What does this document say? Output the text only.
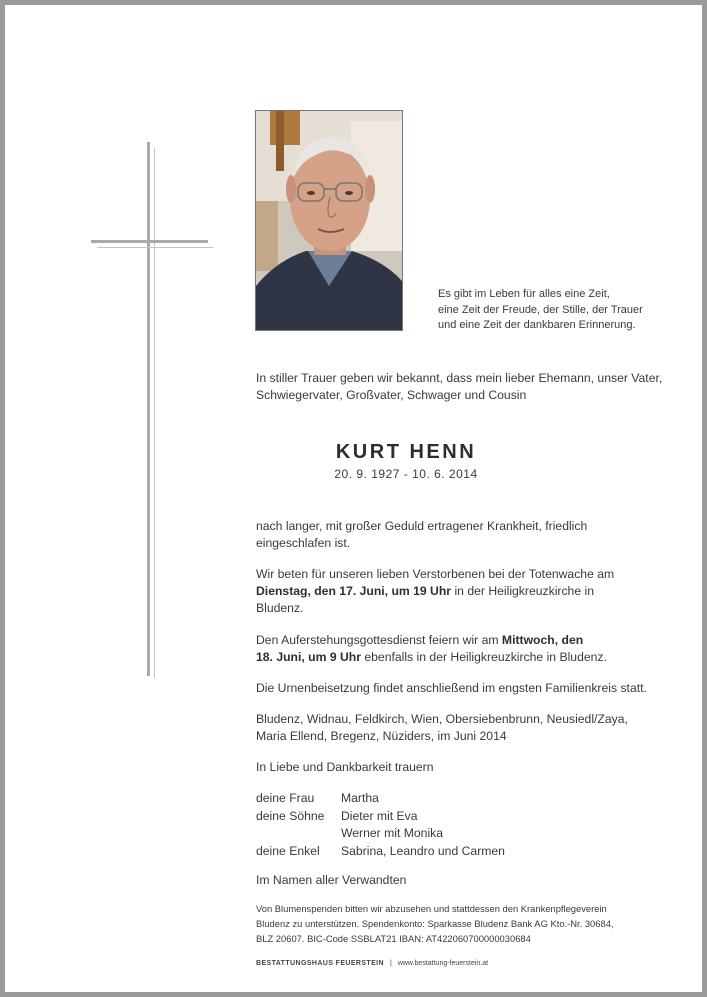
Es gibt im Leben für alles eine Zeit,
eine Zeit der Freude, der Stille, der Trauer
und eine Zeit der dankbaren Erinnerung.
In stiller Trauer geben wir bekannt, dass mein lieber Ehemann, unser Vater,
Schwiegervater, Großvater, Schwager und Cousin
KURT HENN
20. 9. 1927 - 10. 6. 2014
nach langer, mit großer Geduld ertragener Krankheit, friedlich
eingeschlafen ist.
Wir beten für unseren lieben Verstorbenen bei der Totenwache am
Dienstag, den 17. Juni, um 19 Uhr in der Heiligkreuzkirche in
Bludenz.
Den Auferstehungsgottesdienst feiern wir am Mittwoch, den
18. Juni, um 9 Uhr ebenfalls in der Heiligkreuzkirche in Bludenz.
Die Urnenbeisetzung findet anschließend im engsten Familienkreis statt.
Bludenz, Widnau, Feldkirch, Wien, Obersiebenbrunn, Neusiedl/Zaya,
Maria Ellend, Bregenz, Nüziders, im Juni 2014
In Liebe und Dankbarkeit trauern
deine Frau Martha
deine Söhne Dieter mit Eva
Werner mit Monika
deine Enkel Sabrina, Leandro und Carmen
Im Namen aller Verwandten
Von Blumenspenden bitten wir abzusehen und stattdessen den Krankenpflegeverein
Bludenz zu unterstützen. Spendenkonto: Sparkasse Bludenz Bank AG Kto.-Nr. 30684,
BLZ 20607. BIC-Code SSBLAT21 IBAN: AT422060700000030684
BESTATTUNGSHAUS FEUERSTEIN | www.bestattung-feuerstein.at
